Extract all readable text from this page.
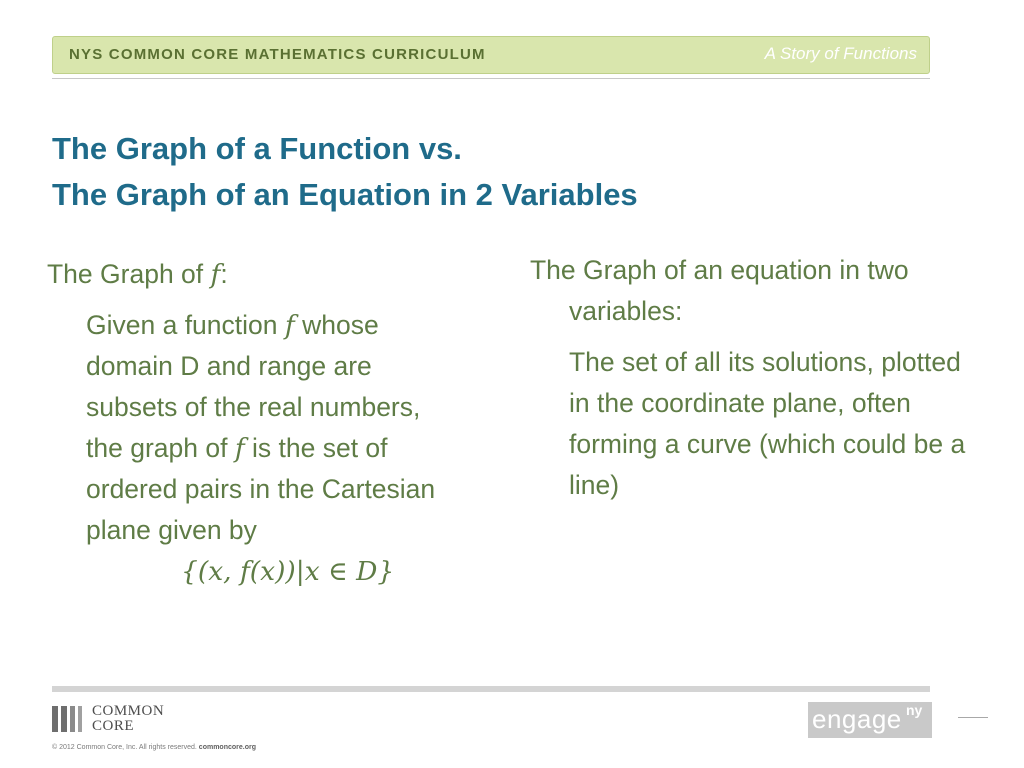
NYS COMMON CORE MATHEMATICS CURRICULUM	A Story of Functions
The Graph of a Function vs.
The Graph of an Equation in 2 Variables
The Graph of f:
Given a function f whose
domain D and range are
subsets of the real numbers,
the graph of f is the set of
ordered pairs in the Cartesian
plane given by
{(x, f(x))|x ∈ D}
The Graph of an equation in two variables:
The set of all its solutions, plotted in the coordinate plane, often forming a curve (which could be a line)
COMMON
CORE
© 2012 Common Core, Inc. All rights reserved. commoncore.org
engage ny
